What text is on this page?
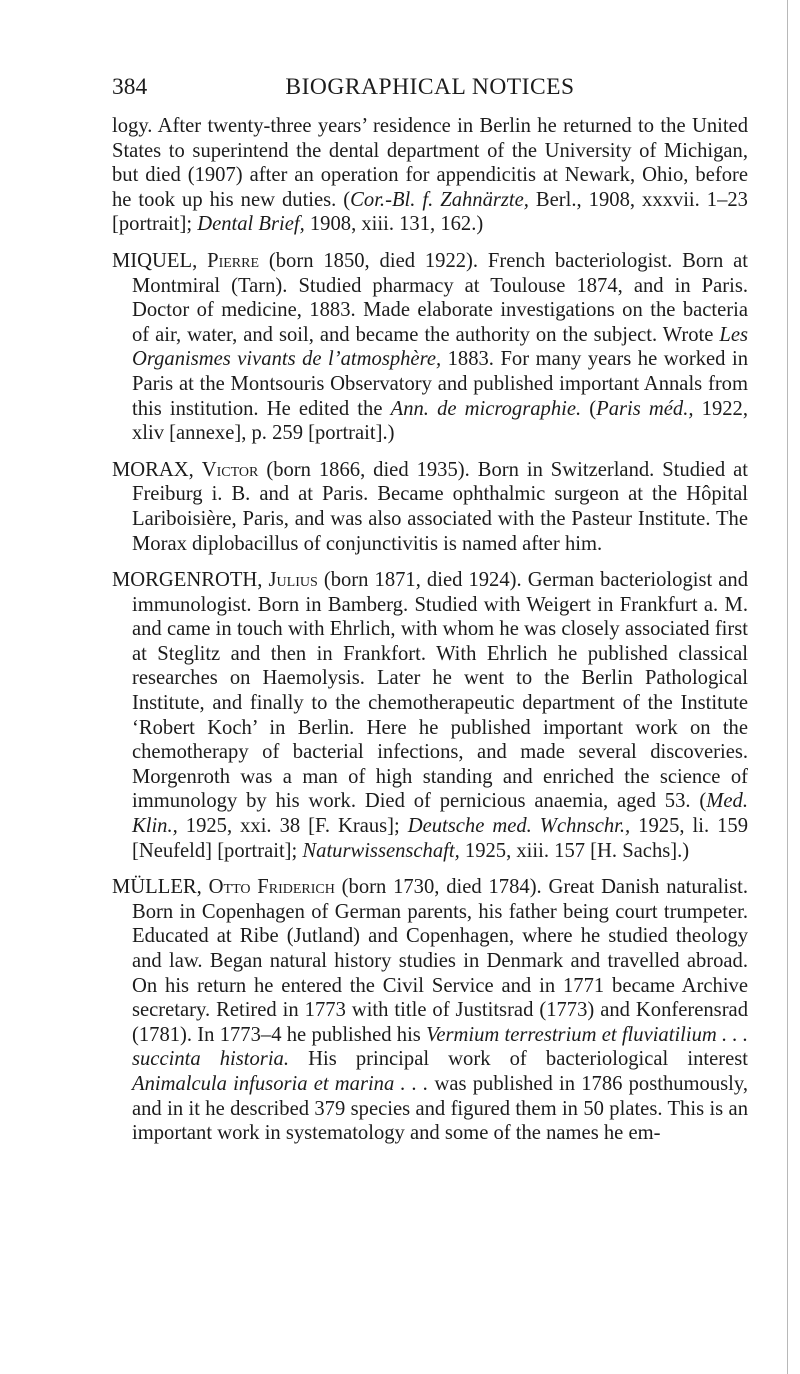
384	BIOGRAPHICAL NOTICES

logy. After twenty-three years’ residence in Berlin he returned to the United States to superintend the dental department of the University of Michigan, but died (1907) after an operation for appendicitis at Newark, Ohio, before he took up his new duties. (Cor.-Bl. f. Zahnärzte, Berl., 1908, xxxvii. 1–23 [portrait]; Dental Brief, 1908, xiii. 131, 162.)

MIQUEL, Pierre (born 1850, died 1922). French bacteriologist. Born at Montmiral (Tarn). Studied pharmacy at Toulouse 1874, and in Paris. Doctor of medicine, 1883. Made elaborate investigations on the bacteria of air, water, and soil, and became the authority on the subject. Wrote Les Organismes vivants de l’atmosphère, 1883. For many years he worked in Paris at the Montsouris Observatory and published important Annals from this institution. He edited the Ann. de micrographie. (Paris méd., 1922, xliv [annexe], p. 259 [portrait].)

MORAX, Victor (born 1866, died 1935). Born in Switzerland. Studied at Freiburg i. B. and at Paris. Became ophthalmic surgeon at the Hôpital Lariboisière, Paris, and was also associated with the Pasteur Institute. The Morax diplobacillus of conjunctivitis is named after him.

MORGENROTH, Julius (born 1871, died 1924). German bacteriologist and immunologist. Born in Bamberg. Studied with Weigert in Frankfurt a. M. and came in touch with Ehrlich, with whom he was closely associated first at Steglitz and then in Frankfort. With Ehrlich he published classical researches on Haemolysis. Later he went to the Berlin Pathological Institute, and finally to the chemotherapeutic department of the Institute ‘Robert Koch’ in Berlin. Here he published important work on the chemotherapy of bacterial infections, and made several discoveries. Morgenroth was a man of high standing and enriched the science of immunology by his work. Died of pernicious anaemia, aged 53. (Med. Klin., 1925, xxi. 38 [F. Kraus]; Deutsche med. Wchnschr., 1925, li. 159 [Neufeld] [portrait]; Naturwissenschaft, 1925, xiii. 157 [H. Sachs].)

MÜLLER, Otto Friderich (born 1730, died 1784). Great Danish naturalist. Born in Copenhagen of German parents, his father being court trumpeter. Educated at Ribe (Jutland) and Copenhagen, where he studied theology and law. Began natural history studies in Denmark and travelled abroad. On his return he entered the Civil Service and in 1771 became Archive secretary. Retired in 1773 with title of Justitsrad (1773) and Konferensrad (1781). In 1773–4 he published his Vermium terrestrium et fluviatilium . . . succinta historia. His principal work of bacteriological interest Animalcula infusoria et marina . . . was published in 1786 posthumously, and in it he described 379 species and figured them in 50 plates. This is an important work in systematology and some of the names he em-
